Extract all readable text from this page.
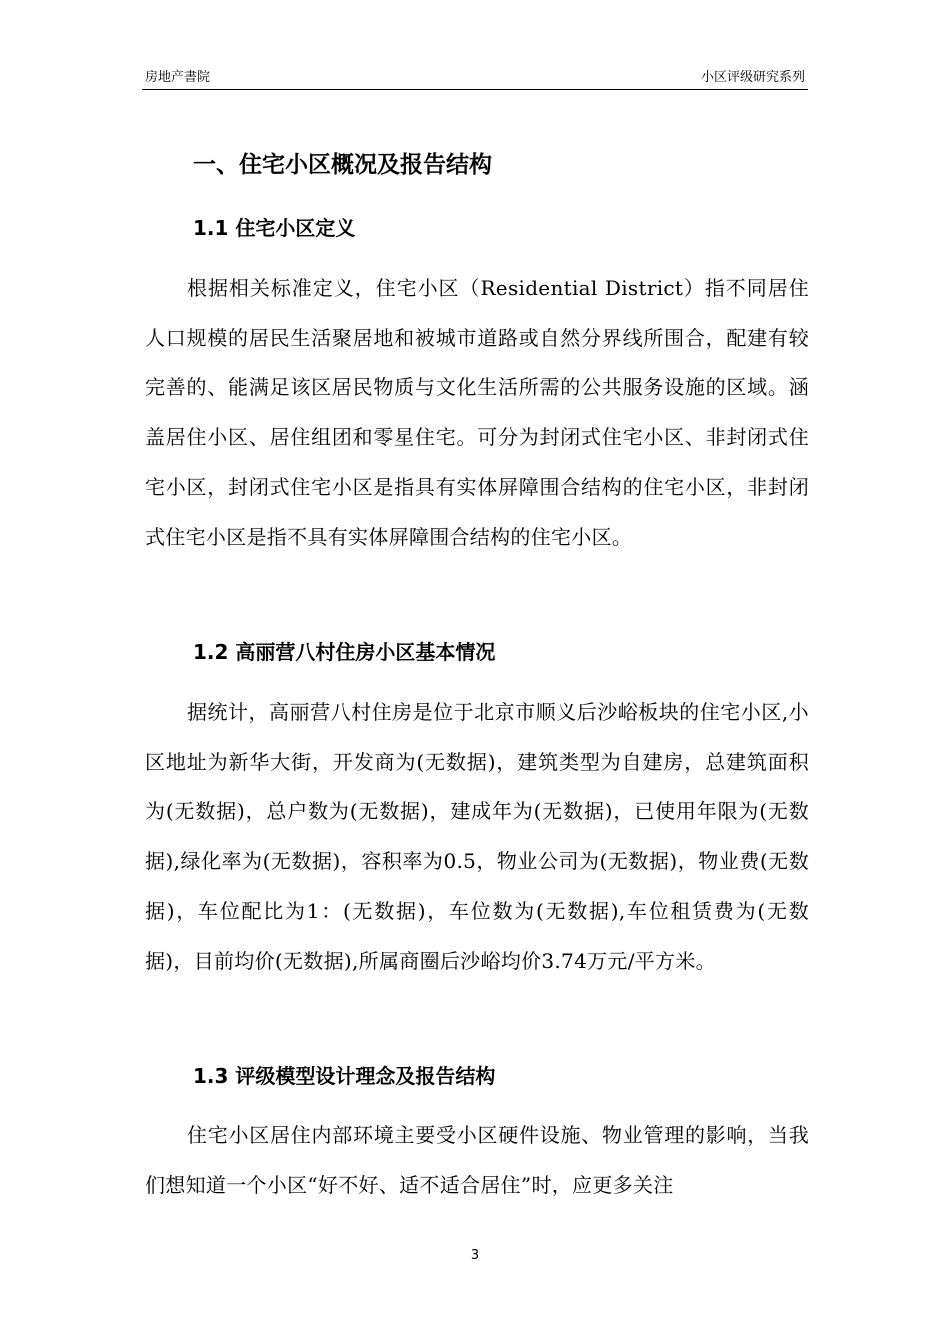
房地产書院	小区评级研究系列
一、住宅小区概况及报告结构
1.1 住宅小区定义
根据相关标准定义，住宅小区（Residential District）指不同居住人口规模的居民生活聚居地和被城市道路或自然分界线所围合，配建有较完善的、能满足该区居民物质与文化生活所需的公共服务设施的区域。涵盖居住小区、居住组团和零星住宅。可分为封闭式住宅小区、非封闭式住宅小区，封闭式住宅小区是指具有实体屏障围合结构的住宅小区，非封闭式住宅小区是指不具有实体屏障围合结构的住宅小区。
1.2 高丽营八村住房小区基本情况
据统计，高丽营八村住房是位于北京市顺义后沙峪板块的住宅小区,小区地址为新华大街，开发商为(无数据)，建筑类型为自建房，总建筑面积为(无数据)，总户数为(无数据)，建成年为(无数据)，已使用年限为(无数据),绿化率为(无数据)，容积率为0.5，物业公司为(无数据)，物业费(无数据)，车位配比为1：(无数据)，车位数为(无数据),车位租赁费为(无数据)，目前均价(无数据),所属商圈后沙峪均价3.74万元/平方米。
1.3 评级模型设计理念及报告结构
住宅小区居住内部环境主要受小区硬件设施、物业管理的影响，当我们想知道一个小区“好不好、适不适合居住”时，应更多关注
3
